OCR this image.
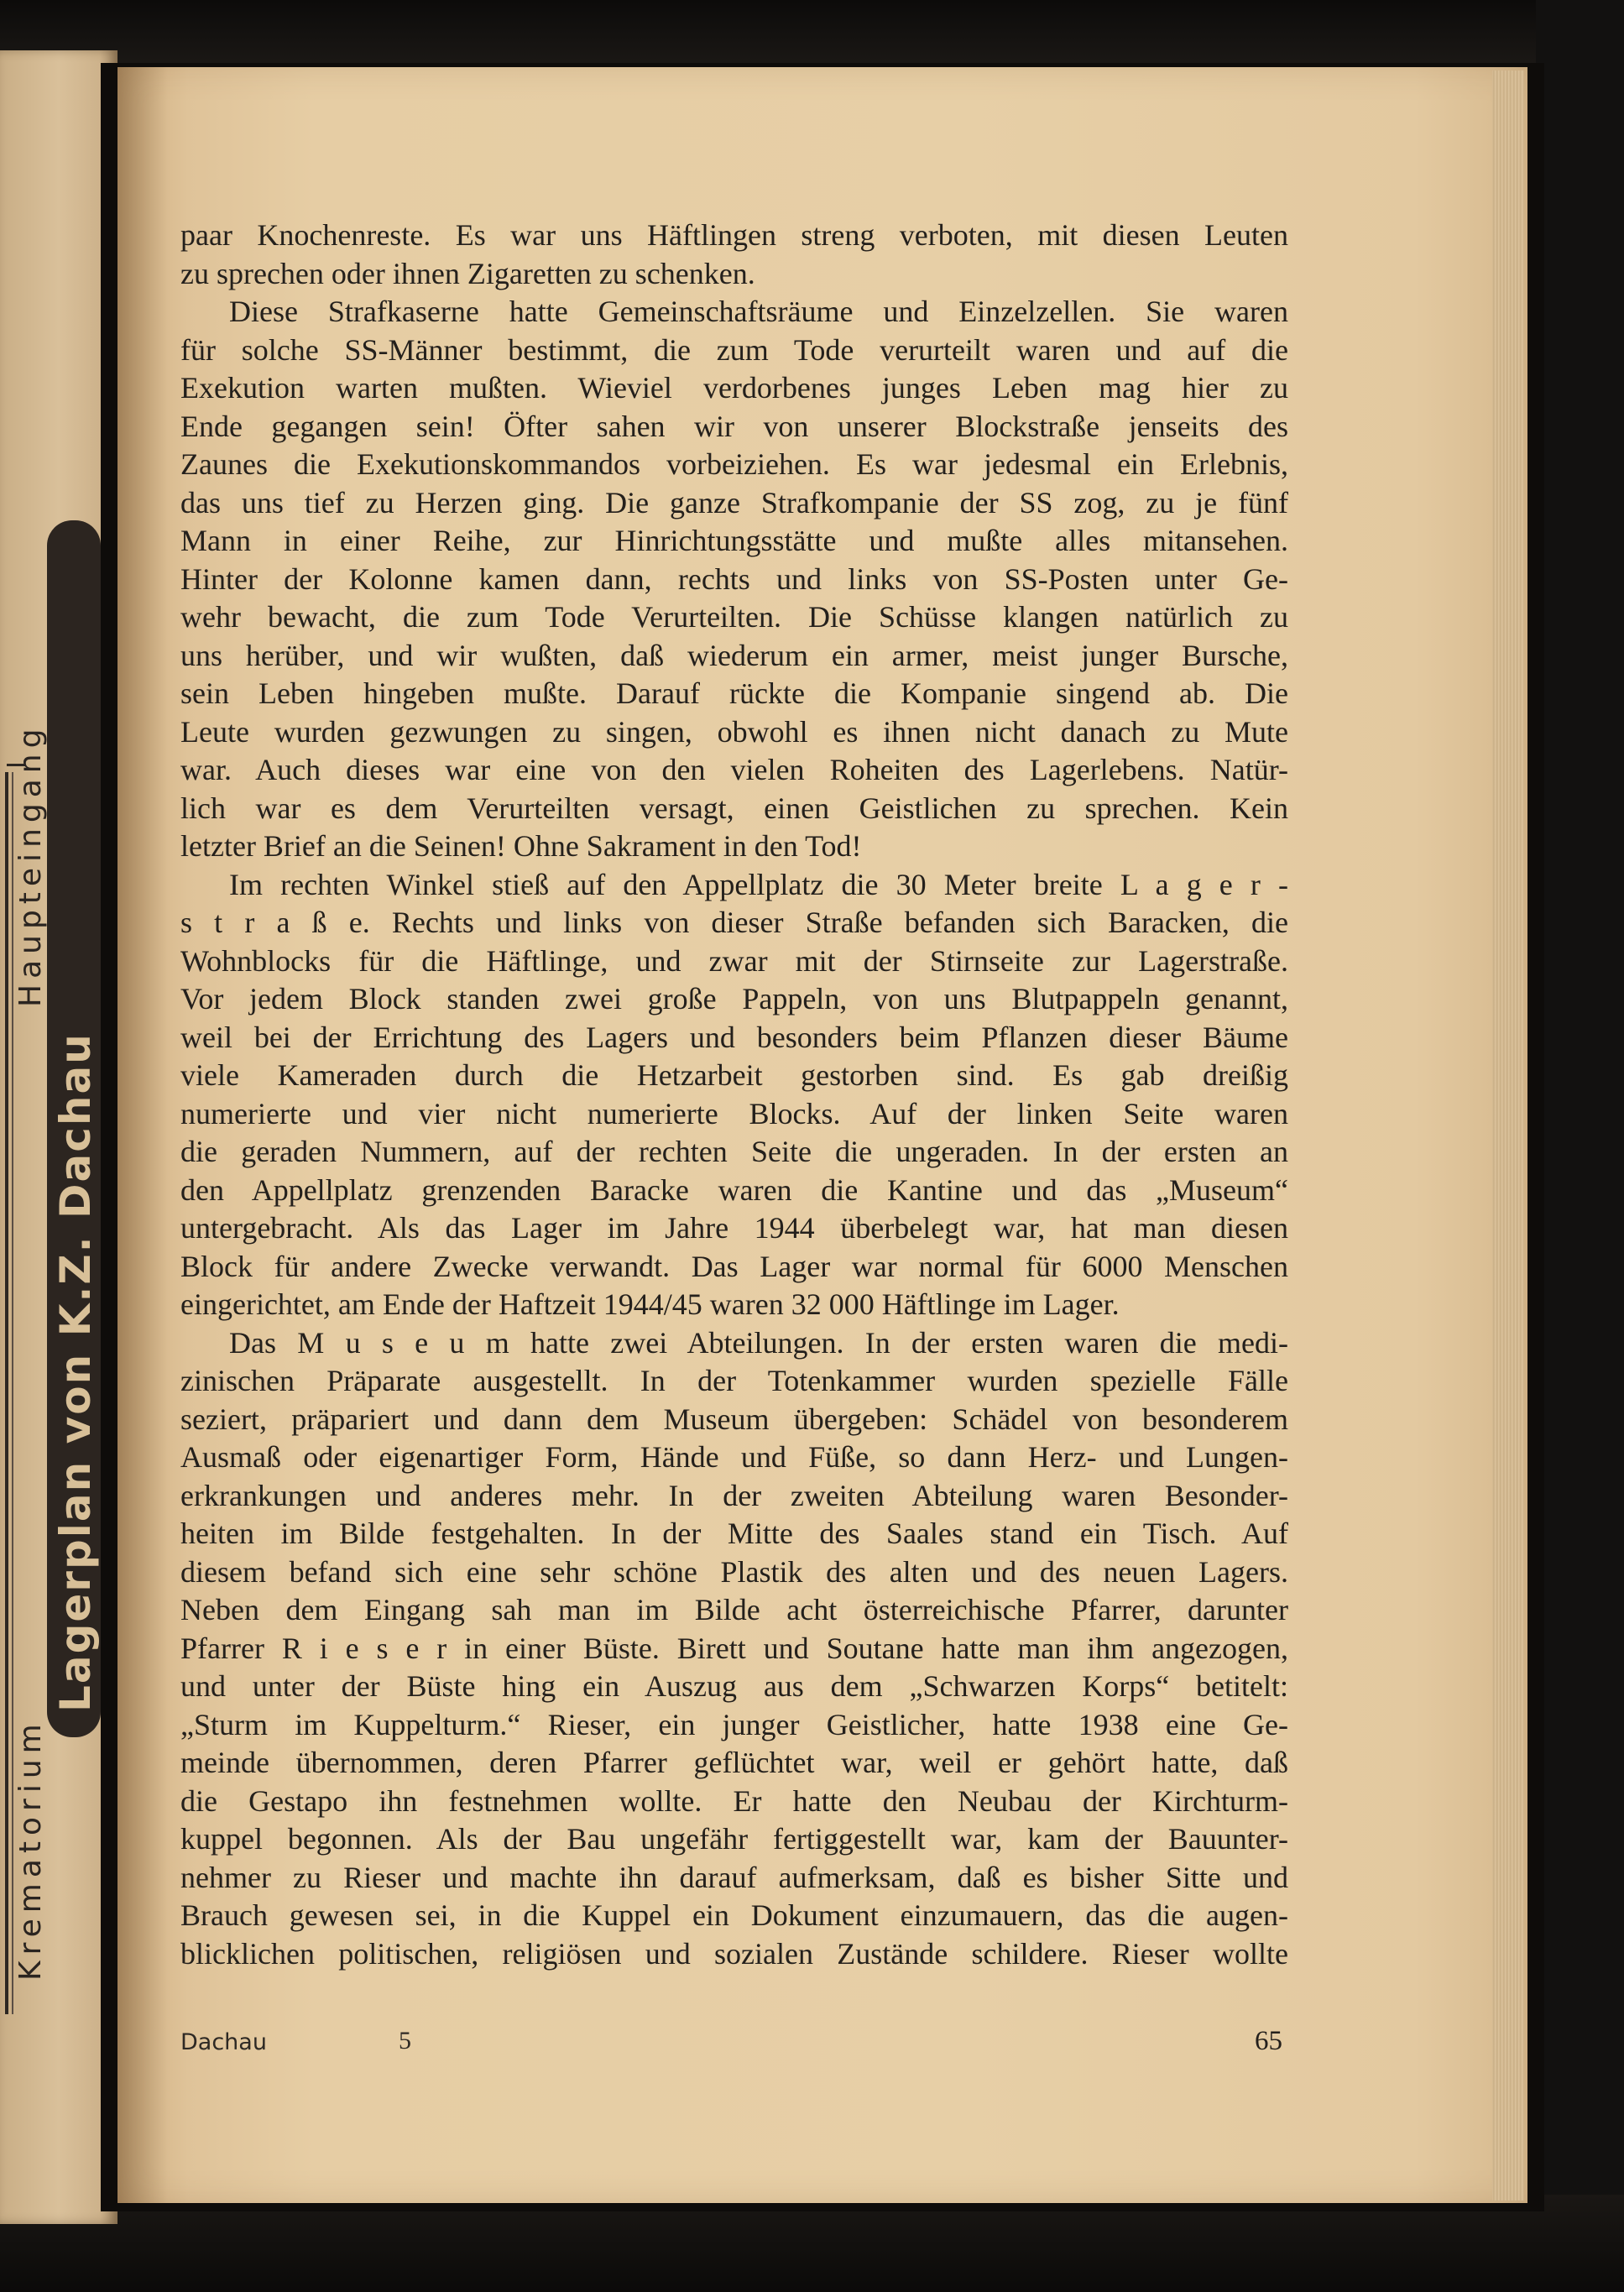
paar Knochenreste. Es war uns Häftlingen streng verboten, mit diesen Leuten
zu sprechen oder ihnen Zigaretten zu schenken.
Diese Strafkaserne hatte Gemeinschaftsräume und Einzelzellen. Sie waren
für solche SS-Männer bestimmt, die zum Tode verurteilt waren und auf die
Exekution warten mußten. Wieviel verdorbenes junges Leben mag hier zu
Ende gegangen sein! Öfter sahen wir von unserer Blockstraße jenseits des
Zaunes die Exekutionskommandos vorbeiziehen. Es war jedesmal ein Erlebnis,
das uns tief zu Herzen ging. Die ganze Strafkompanie der SS zog, zu je fünf
Mann in einer Reihe, zur Hinrichtungsstätte und mußte alles mitansehen.
Hinter der Kolonne kamen dann, rechts und links von SS-Posten unter Ge-
wehr bewacht, die zum Tode Verurteilten. Die Schüsse klangen natürlich zu
uns herüber, und wir wußten, daß wiederum ein armer, meist junger Bursche,
sein Leben hingeben mußte. Darauf rückte die Kompanie singend ab. Die
Leute wurden gezwungen zu singen, obwohl es ihnen nicht danach zu Mute
war. Auch dieses war eine von den vielen Roheiten des Lagerlebens. Natür-
lich war es dem Verurteilten versagt, einen Geistlichen zu sprechen. Kein
letzter Brief an die Seinen! Ohne Sakrament in den Tod!
Im rechten Winkel stieß auf den Appellplatz die 30 Meter breite L a g e r -
s t r a ß e. Rechts und links von dieser Straße befanden sich Baracken, die
Wohnblocks für die Häftlinge, und zwar mit der Stirnseite zur Lagerstraße.
Vor jedem Block standen zwei große Pappeln, von uns Blutpappeln genannt,
weil bei der Errichtung des Lagers und besonders beim Pflanzen dieser Bäume
viele Kameraden durch die Hetzarbeit gestorben sind. Es gab dreißig
numerierte und vier nicht numerierte Blocks. Auf der linken Seite waren
die geraden Nummern, auf der rechten Seite die ungeraden. In der ersten an
den Appellplatz grenzenden Baracke waren die Kantine und das „Museum“
untergebracht. Als das Lager im Jahre 1944 überbelegt war, hat man diesen
Block für andere Zwecke verwandt. Das Lager war normal für 6000 Menschen
eingerichtet, am Ende der Haftzeit 1944/45 waren 32 000 Häftlinge im Lager.
Das M u s e u m hatte zwei Abteilungen. In der ersten waren die medi-
zinischen Präparate ausgestellt. In der Totenkammer wurden spezielle Fälle
seziert, präpariert und dann dem Museum übergeben: Schädel von besonderem
Ausmaß oder eigenartiger Form, Hände und Füße, so dann Herz- und Lungen-
erkrankungen und anderes mehr. In der zweiten Abteilung waren Besonder-
heiten im Bilde festgehalten. In der Mitte des Saales stand ein Tisch. Auf
diesem befand sich eine sehr schöne Plastik des alten und des neuen Lagers.
Neben dem Eingang sah man im Bilde acht österreichische Pfarrer, darunter
Pfarrer R i e s e r in einer Büste. Birett und Soutane hatte man ihm angezogen,
und unter der Büste hing ein Auszug aus dem „Schwarzen Korps“ betitelt:
„Sturm im Kuppelturm.“ Rieser, ein junger Geistlicher, hatte 1938 eine Ge-
meinde übernommen, deren Pfarrer geflüchtet war, weil er gehört hatte, daß
die Gestapo ihn festnehmen wollte. Er hatte den Neubau der Kirchturm-
kuppel begonnen. Als der Bau ungefähr fertiggestellt war, kam der Bauunter-
nehmer zu Rieser und machte ihn darauf aufmerksam, daß es bisher Sitte und
Brauch gewesen sei, in die Kuppel ein Dokument einzumauern, das die augen-
blicklichen politischen, religiösen und sozialen Zustände schildere. Rieser wollte
Dachau	5	65
